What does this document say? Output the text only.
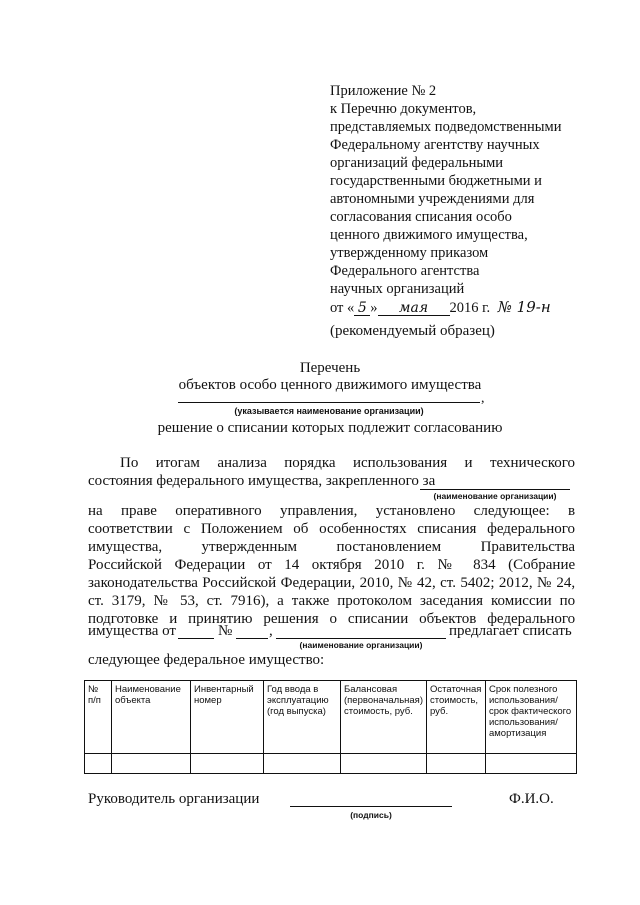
Приложение № 2
к Перечню документов,
представляемых подведомственными
Федеральному агентству научных
организаций федеральными
государственными бюджетными и
автономными учреждениями для
согласования списания особо
ценного движимого имущества,
утвержденному приказом
Федерального агентства
научных организаций
от « 5 » мая 2016 г. № 19-н
(рекомендуемый образец)
Перечень
объектов особо ценного движимого имущества
,
(указывается наименование организации)
решение о списании которых подлежит согласованию
По итогам анализа порядка использования и технического
состояния федерального имущества, закрепленного за
(наименование организации)
на праве оперативного управления, установлено следующее: в
соответствии с Положением об особенностях списания федерального
имущества,	утвержденным	постановлением	Правительства
Российской Федерации от 14 октября 2010 г. № 834 (Собрание
законодательства Российской Федерации, 2010, № 42, ст. 5402; 2012, № 24,
ст. 3179, № 53, ст. 7916), а также протоколом заседания комиссии по
подготовке и принятию решения о списании объектов федерального
имущества от	№ ,	предлагает списать
(наименование организации)
следующее федеральное имущество:
№ п/п	Наименование объекта	Инвентарный номер	Год ввода в эксплуатацию (год выпуска)	Балансовая (первоначальная) стоимость, руб.	Остаточная стоимость, руб.	Срок полезного использования/ срок фактического использования/ амортизация

Руководитель организации
(подпись)
Ф.И.О.
